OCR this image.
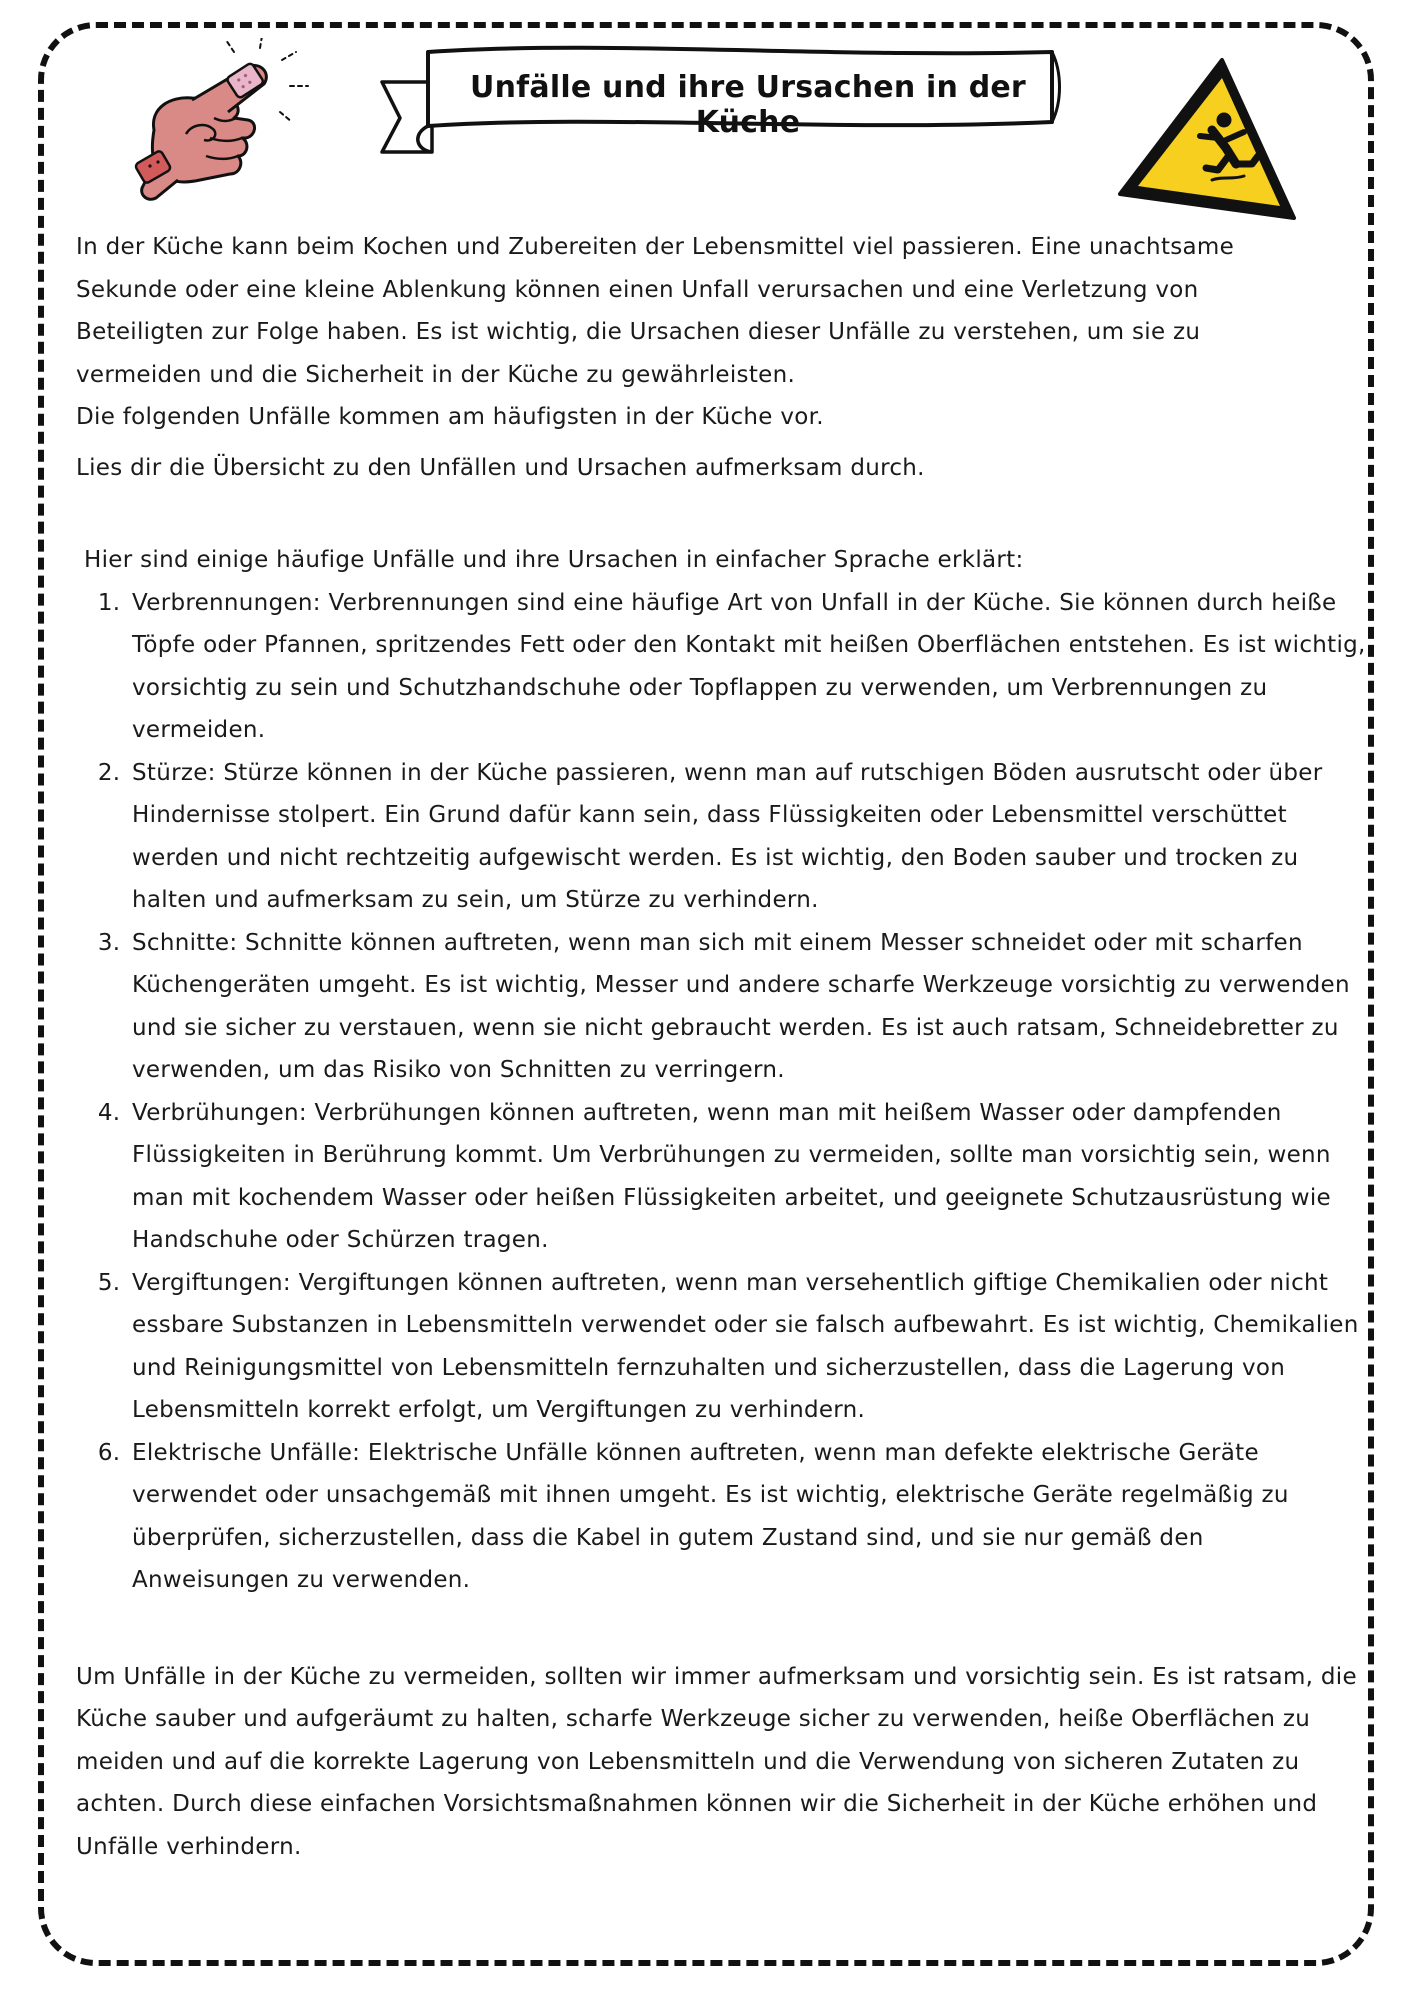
Unfälle und ihre Ursachen in der Küche

In der Küche kann beim Kochen und Zubereiten der Lebensmittel viel passieren. Eine unachtsame

Sekunde oder eine kleine Ablenkung können einen Unfall verursachen und eine Verletzung von

Beteiligten zur Folge haben. Es ist wichtig, die Ursachen dieser Unfälle zu verstehen, um sie zu

vermeiden und die Sicherheit in der Küche zu gewährleisten.

Die folgenden Unfälle kommen am häufigsten in der Küche vor.

Lies dir die Übersicht zu den Unfällen und Ursachen aufmerksam durch.

Hier sind einige häufige Unfälle und ihre Ursachen in einfacher Sprache erklärt:

1. Verbrennungen: Verbrennungen sind eine häufige Art von Unfall in der Küche. Sie können durch heiße Töpfe oder Pfannen, spritzendes Fett oder den Kontakt mit heißen Oberflächen entstehen. Es ist wichtig, vorsichtig zu sein und Schutzhandschuhe oder Topflappen zu verwenden, um Verbrennungen zu vermeiden.
2. Stürze: Stürze können in der Küche passieren, wenn man auf rutschigen Böden ausrutscht oder über Hindernisse stolpert. Ein Grund dafür kann sein, dass Flüssigkeiten oder Lebensmittel verschüttet werden und nicht rechtzeitig aufgewischt werden. Es ist wichtig, den Boden sauber und trocken zu halten und aufmerksam zu sein, um Stürze zu verhindern.
3. Schnitte: Schnitte können auftreten, wenn man sich mit einem Messer schneidet oder mit scharfen Küchengeräten umgeht. Es ist wichtig, Messer und andere scharfe Werkzeuge vorsichtig zu verwenden und sie sicher zu verstauen, wenn sie nicht gebraucht werden. Es ist auch ratsam, Schneidebretter zu verwenden, um das Risiko von Schnitten zu verringern.
4. Verbrühungen: Verbrühungen können auftreten, wenn man mit heißem Wasser oder dampfenden Flüssigkeiten in Berührung kommt. Um Verbrühungen zu vermeiden, sollte man vorsichtig sein, wenn man mit kochendem Wasser oder heißen Flüssigkeiten arbeitet, und geeignete Schutzausrüstung wie Handschuhe oder Schürzen tragen.
5. Vergiftungen: Vergiftungen können auftreten, wenn man versehentlich giftige Chemikalien oder nicht essbare Substanzen in Lebensmitteln verwendet oder sie falsch aufbewahrt. Es ist wichtig, Chemikalien und Reinigungsmittel von Lebensmitteln fernzuhalten und sicherzustellen, dass die Lagerung von Lebensmitteln korrekt erfolgt, um Vergiftungen zu verhindern.
6. Elektrische Unfälle: Elektrische Unfälle können auftreten, wenn man defekte elektrische Geräte verwendet oder unsachgemäß mit ihnen umgeht. Es ist wichtig, elektrische Geräte regelmäßig zu überprüfen, sicherzustellen, dass die Kabel in gutem Zustand sind, und sie nur gemäß den Anweisungen zu verwenden.

Um Unfälle in der Küche zu vermeiden, sollten wir immer aufmerksam und vorsichtig sein. Es ist ratsam, die Küche sauber und aufgeräumt zu halten, scharfe Werkzeuge sicher zu verwenden, heiße Oberflächen zu meiden und auf die korrekte Lagerung von Lebensmitteln und die Verwendung von sicheren Zutaten zu achten. Durch diese einfachen Vorsichtsmaßnahmen können wir die Sicherheit in der Küche erhöhen und Unfälle verhindern.
